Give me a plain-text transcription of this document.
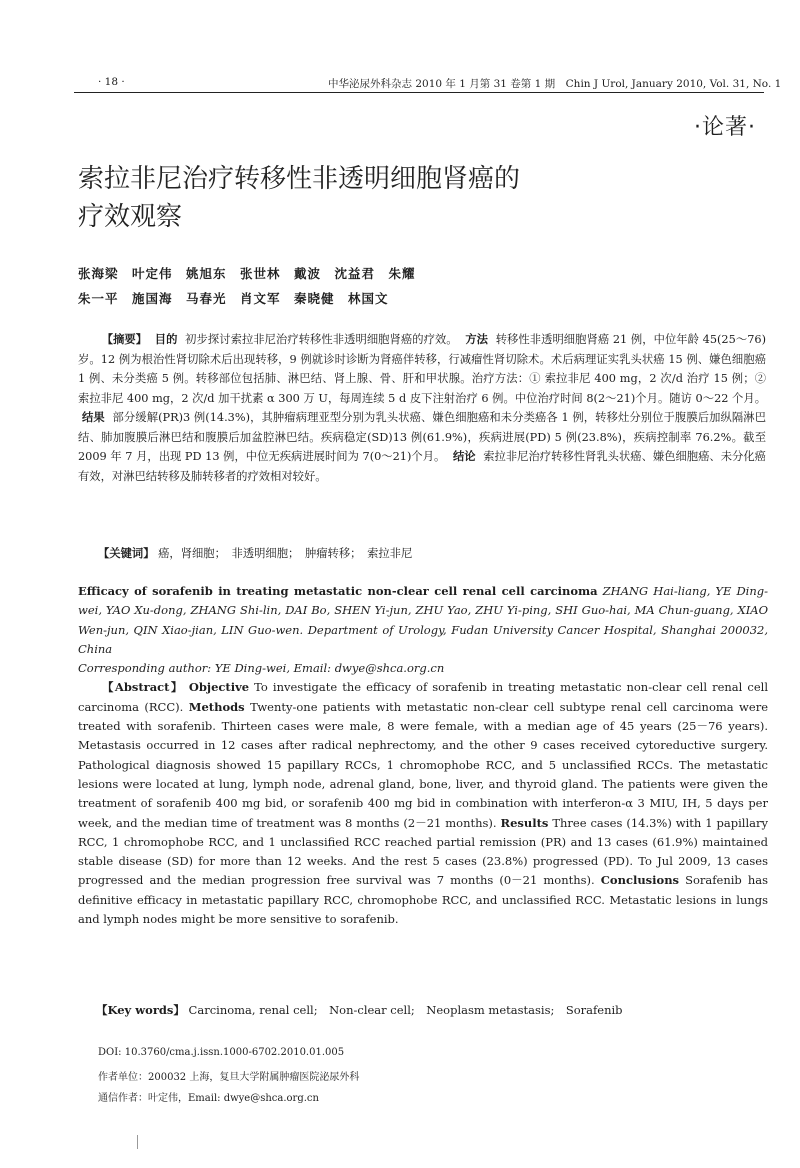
· 18 ·	中华泌尿外科杂志 2010 年 1 月第 31 卷第 1 期　Chin J Urol, January 2010, Vol. 31, No. 1
·论著·
索拉非尼治疗转移性非透明细胞肾癌的
疗效观察
张海梁　叶定伟　姚旭东　张世林　戴波　沈益君　朱耀
朱一平　施国海　马春光　肖文军　秦晓健　林国文

【摘要】 目的 初步探讨索拉非尼治疗转移性非透明细胞肾癌的疗效。 方法 转移性非透明细胞肾癌 21 例，中位年龄 45(25～76)岁。12 例为根治性肾切除术后出现转移，9 例就诊时诊断为肾癌伴转移，行减瘤性肾切除术。术后病理证实乳头状癌 15 例、嫌色细胞癌 1 例、未分类癌 5 例。转移部位包括肺、淋巴结、肾上腺、骨、肝和甲状腺。治疗方法：① 索拉非尼 400 mg，2 次/d 治疗 15 例；② 索拉非尼 400 mg，2 次/d 加干扰素 α 300 万 U，每周连续 5 d 皮下注射治疗 6 例。中位治疗时间 8(2～21)个月。随访 0～22 个月。 结果 部分缓解(PR)3 例(14.3%)，其肿瘤病理亚型分别为乳头状癌、嫌色细胞癌和未分类癌各 1 例，转移灶分别位于腹膜后加纵隔淋巴结、肺加腹膜后淋巴结和腹膜后加盆腔淋巴结。疾病稳定(SD)13 例(61.9%)，疾病进展(PD) 5 例(23.8%)，疾病控制率 76.2%。截至 2009 年 7 月，出现 PD 13 例，中位无疾病进展时间为 7(0～21)个月。 结论 索拉非尼治疗转移性肾乳头状癌、嫌色细胞癌、未分化癌有效，对淋巴结转移及肺转移者的疗效相对较好。

【关键词】 癌，肾细胞；　非透明细胞；　肿瘤转移；　索拉非尼

Efficacy of sorafenib in treating metastatic non-clear cell renal cell carcinoma ZHANG Hai-liang, YE Ding-wei, YAO Xu-dong, ZHANG Shi-lin, DAI Bo, SHEN Yi-jun, ZHU Yao, ZHU Yi-ping, SHI Guo-hai, MA Chun-guang, XIAO Wen-jun, QIN Xiao-jian, LIN Guo-wen. Department of Urology, Fudan University Cancer Hospital, Shanghai 200032, China

Corresponding author: YE Ding-wei, Email: dwye@shca.org.cn

【Abstract】 Objective To investigate the efficacy of sorafenib in treating metastatic non-clear cell renal cell carcinoma (RCC). Methods Twenty-one patients with metastatic non-clear cell subtype renal cell carcinoma were treated with sorafenib. Thirteen cases were male, 8 were female, with a median age of 45 years (25－76 years). Metastasis occurred in 12 cases after radical nephrectomy, and the other 9 cases received cytoreductive surgery. Pathological diagnosis showed 15 papillary RCCs, 1 chromophobe RCC, and 5 unclassified RCCs. The metastatic lesions were located at lung, lymph node, adrenal gland, bone, liver, and thyroid gland. The patients were given the treatment of sorafenib 400 mg bid, or sorafenib 400 mg bid in combination with interferon-α 3 MIU, IH, 5 days per week, and the median time of treatment was 8 months (2－21 months). Results Three cases (14.3%) with 1 papillary RCC, 1 chromophobe RCC, and 1 unclassified RCC reached partial remission (PR) and 13 cases (61.9%) maintained stable disease (SD) for more than 12 weeks. And the rest 5 cases (23.8%) progressed (PD). To Jul 2009, 13 cases progressed and the median progression free survival was 7 months (0－21 months). Conclusions Sorafenib has definitive efficacy in metastatic papillary RCC, chromophobe RCC, and unclassified RCC. Metastatic lesions in lungs and lymph nodes might be more sensitive to sorafenib.

【Key words】 Carcinoma, renal cell;　Non-clear cell;　Neoplasm metastasis;　Sorafenib
DOI: 10.3760/cma.j.issn.1000-6702.2010.01.005
作者单位：200032 上海，复旦大学附属肿瘤医院泌尿外科
通信作者：叶定伟，Email: dwye@shca.org.cn
